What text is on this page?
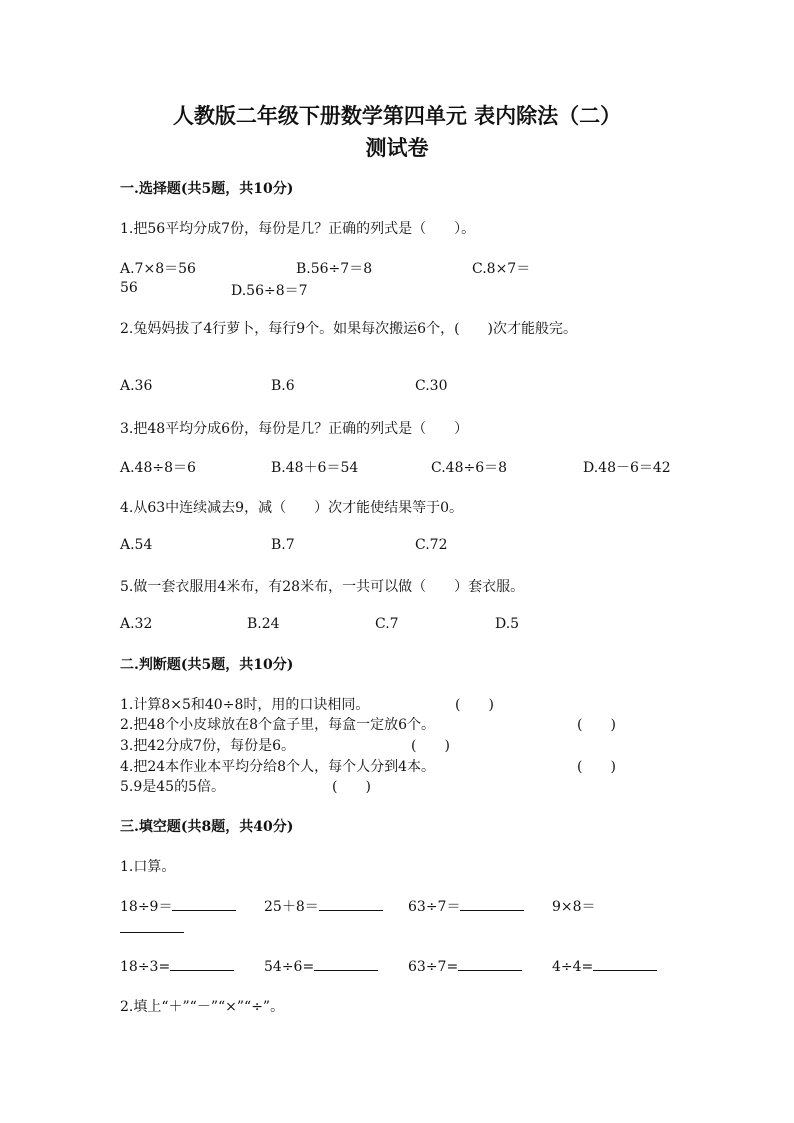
人教版二年级下册数学第四单元 表内除法（二）
测试卷
一.选择题(共5题，共10分)
1.把56平均分成7份，每份是几？正确的列式是（　　）。
A.7×8＝56	B.56÷7＝8	C.8×7＝
56	D.56÷8＝7
2.兔妈妈拔了4行萝卜，每行9个。如果每次搬运6个，(　　)次才能般完。
A.36	B.6	C.30
3.把48平均分成6份，每份是几？正确的列式是（　　）
A.48÷8＝6	B.48＋6＝54	C.48÷6＝8	D.48－6＝42
4.从63中连续减去9，减（　　）次才能使结果等于0。
A.54	B.7	C.72
5.做一套衣服用4米布，有28米布，一共可以做（　　）套衣服。
A.32	B.24	C.7	D.5
二.判断题(共5题，共10分)
1.计算8×5和40÷8时，用的口诀相同。	(　　)
2.把48个小皮球放在8个盒子里，每盒一定放6个。	(　　)
3.把42分成7份，每份是6。	(　　)
4.把24本作业本平均分给8个人，每个人分到4本。	(　　)
5.9是45的5倍。	(　　)
三.填空题(共8题，共40分)
1.口算。
18÷9＝	25＋8＝	63÷7＝	9×8＝
18÷3=	54÷6=	63÷7=	4÷4=
2.填上“＋”“－”“×”“÷”。
